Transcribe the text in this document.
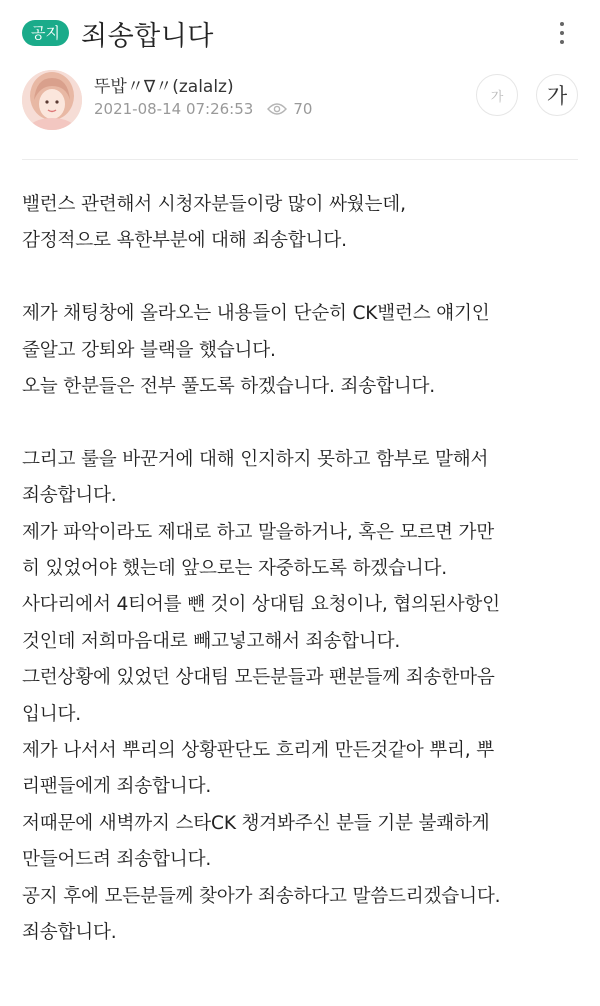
공지 죄송합니다
뚜밥〃∇〃(zalalz)
2021-08-14 07:26:53	70
가	가

밸런스 관련해서 시청자분들이랑 많이 싸웠는데,

감정적으로 욕한부분에 대해 죄송합니다.

제가 채팅창에 올라오는 내용들이 단순히 CK밸런스 얘기인

줄알고 강퇴와 블랙을 했습니다.

오늘 한분들은 전부 풀도록 하겠습니다. 죄송합니다.

그리고 룰을 바꾼거에 대해 인지하지 못하고 함부로 말해서

죄송합니다.

제가 파악이라도 제대로 하고 말을하거나, 혹은 모르면 가만

히 있었어야 했는데 앞으로는 자중하도록 하겠습니다.

사다리에서 4티어를 뺀 것이 상대팀 요청이나, 협의된사항인

것인데 저희마음대로 빼고넣고해서 죄송합니다.

그런상황에 있었던 상대팀 모든분들과 팬분들께 죄송한마음

입니다.

제가 나서서 뿌리의 상황판단도 흐리게 만든것같아 뿌리, 뿌

리팬들에게 죄송합니다.

저때문에 새벽까지 스타CK 챙겨봐주신 분들 기분 불쾌하게

만들어드려 죄송합니다.

공지 후에 모든분들께 찾아가 죄송하다고 말씀드리겠습니다.

죄송합니다.
